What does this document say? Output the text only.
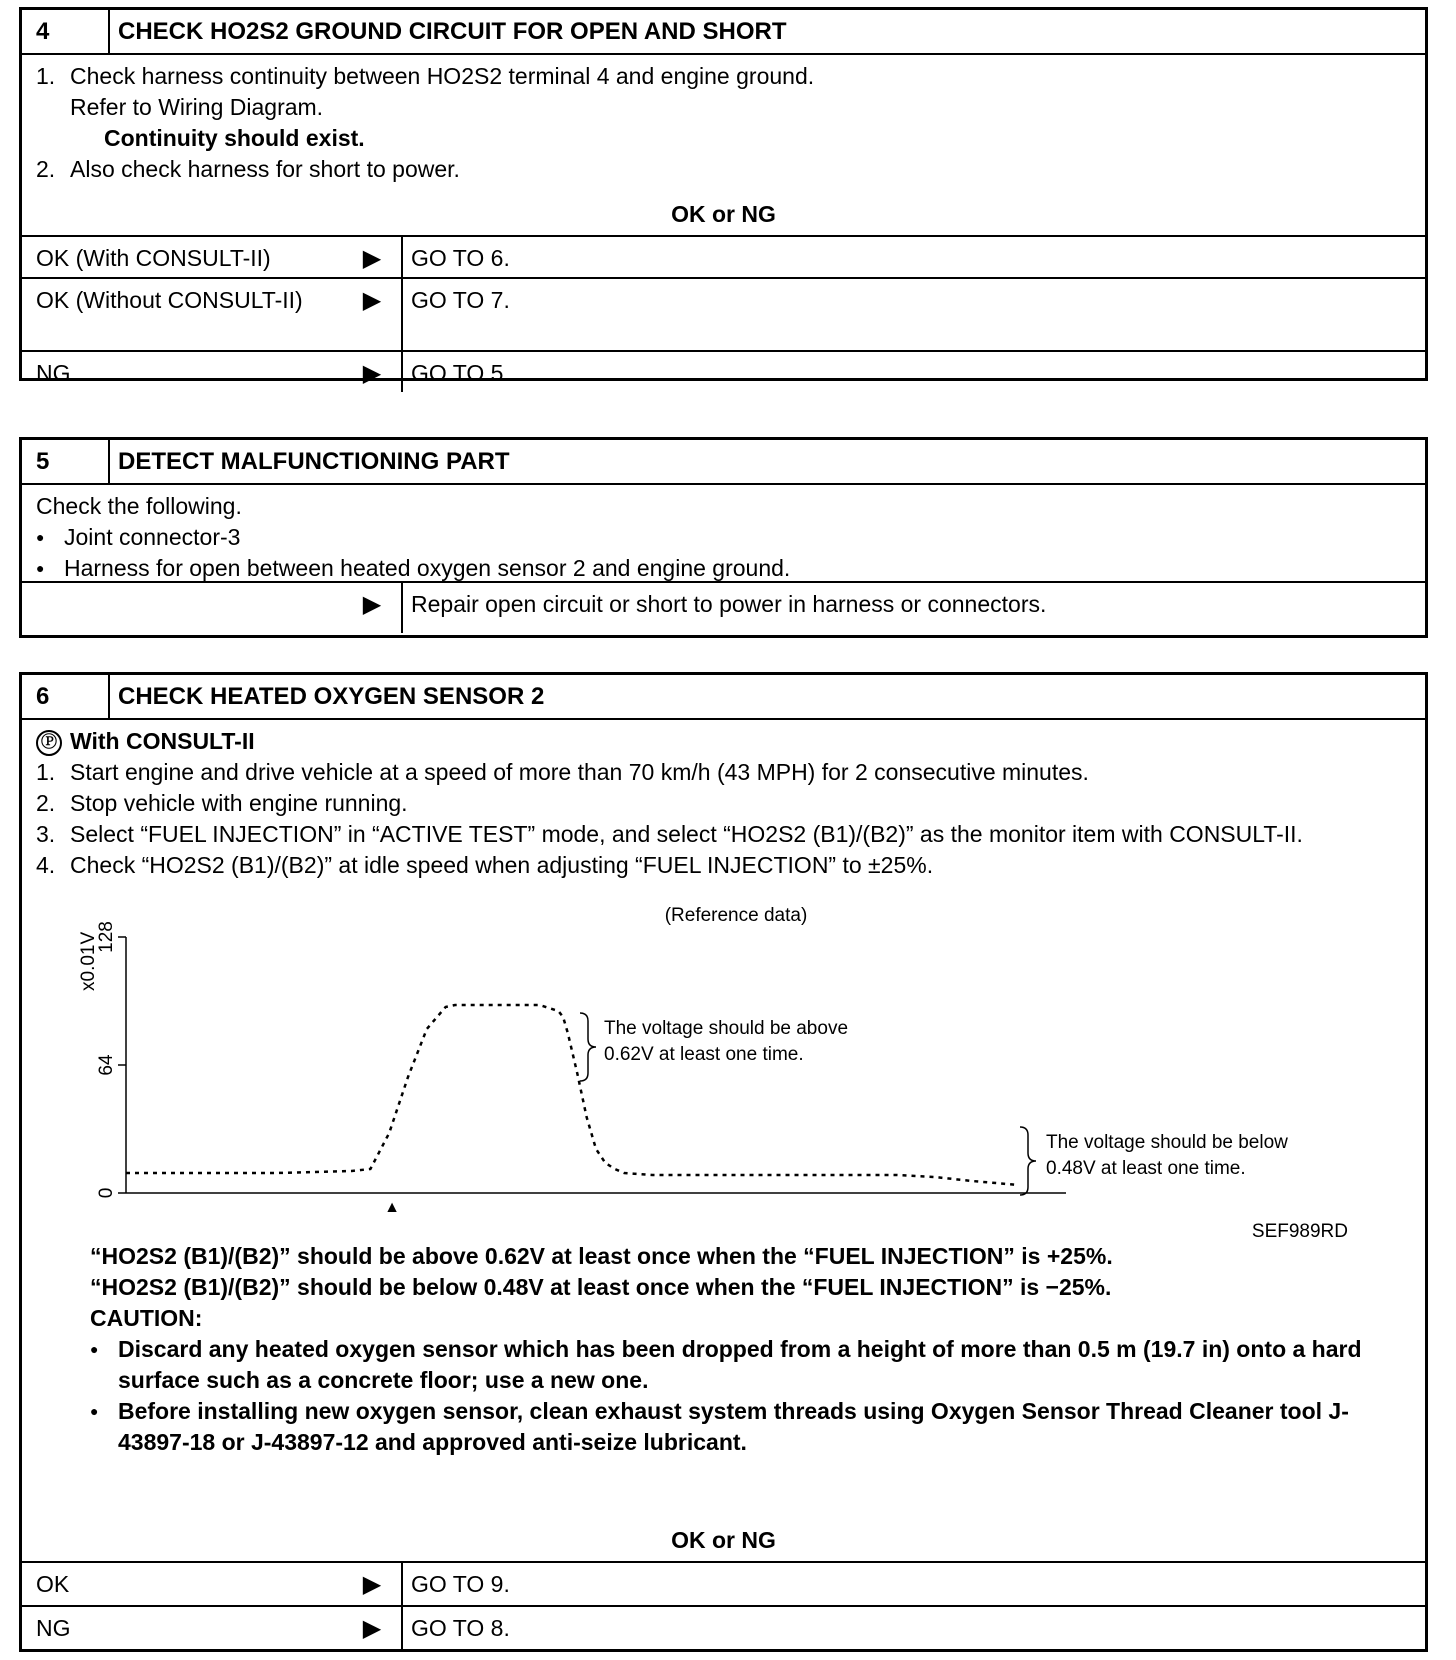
4	CHECK HO2S2 GROUND CIRCUIT FOR OPEN AND SHORT
1. Check harness continuity between HO2S2 terminal 4 and engine ground.
Refer to Wiring Diagram.
Continuity should exist.
2. Also check harness for short to power.
OK or NG
OK (With CONSULT-II)	▶	GO TO 6.
OK (Without CONSULT-II)	▶	GO TO 7.
NG	▶	GO TO 5.
5	DETECT MALFUNCTIONING PART
Check the following.
● Joint connector-3
● Harness for open between heated oxygen sensor 2 and engine ground.
▶	Repair open circuit or short to power in harness or connectors.
6	CHECK HEATED OXYGEN SENSOR 2
Ⓟ With CONSULT-II
1. Start engine and drive vehicle at a speed of more than 70 km/h (43 MPH) for 2 consecutive minutes.
2. Stop vehicle with engine running.
3. Select “FUEL INJECTION” in “ACTIVE TEST” mode, and select “HO2S2 (B1)/(B2)” as the monitor item with CONSULT-II.
4. Check “HO2S2 (B1)/(B2)” at idle speed when adjusting “FUEL INJECTION” to ±25%.
(Reference data)
x0.01V
0
64
128
The voltage should be above
0.62V at least one time.
The voltage should be below
0.48V at least one time.
▲
SEF989RD
“HO2S2 (B1)/(B2)” should be above 0.62V at least once when the “FUEL INJECTION” is +25%.
“HO2S2 (B1)/(B2)” should be below 0.48V at least once when the “FUEL INJECTION” is −25%.
CAUTION:
● Discard any heated oxygen sensor which has been dropped from a height of more than 0.5 m (19.7 in) onto a hard surface such as a concrete floor; use a new one.
● Before installing new oxygen sensor, clean exhaust system threads using Oxygen Sensor Thread Cleaner tool J-43897-18 or J-43897-12 and approved anti-seize lubricant.
OK or NG
OK	▶	GO TO 9.
NG	▶	GO TO 8.
